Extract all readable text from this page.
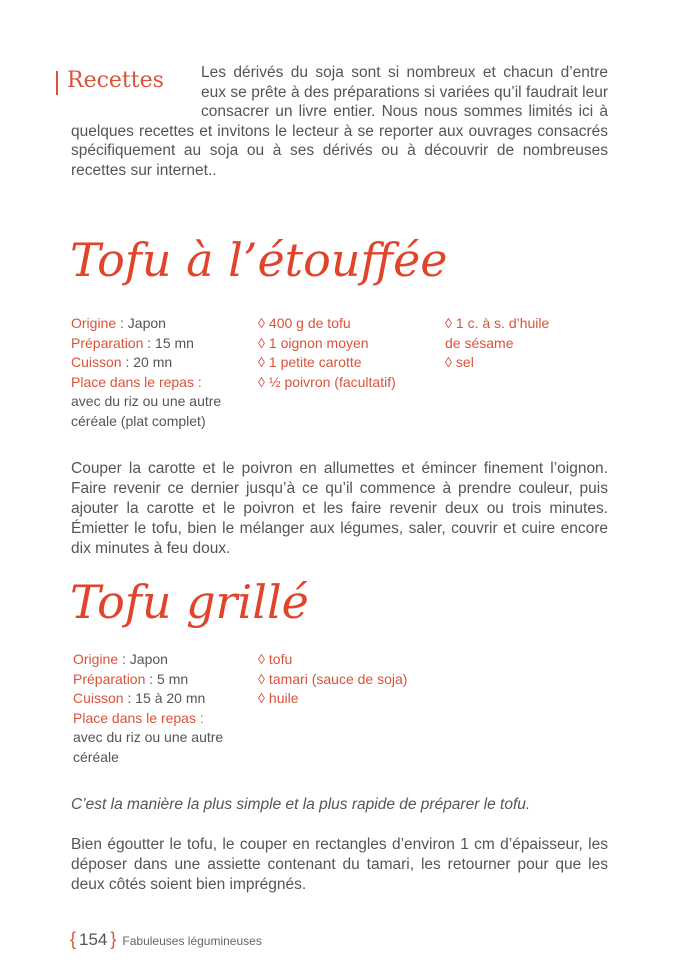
Recettes	Les dérivés du soja sont si nombreux et chacun d’entre eux se prête à des préparations si variées qu’il faudrait leur consacrer un livre entier. Nous nous sommes limités ici à quelques recettes et invitons le lecteur à se reporter aux ouvrages consacrés spécifiquement au soja ou à ses dérivés ou à découvrir de nombreuses recettes sur internet..
Tofu à l’étouffée
Origine : Japon
Préparation : 15 mn
Cuisson : 20 mn
Place dans le repas :
avec du riz ou une autre
céréale (plat complet)
◊ 400 g de tofu
◊ 1 oignon moyen
◊ 1 petite carotte
◊ ½ poivron (facultatif)
◊ 1 c. à s. d’huile
de sésame
◊ sel
Couper la carotte et le poivron en allumettes et émincer finement l’oignon. Faire revenir ce dernier jusqu’à ce qu’il commence à prendre couleur, puis ajouter la carotte et le poivron et les faire revenir deux ou trois minutes. Émietter le tofu, bien le mélanger aux légumes, saler, couvrir et cuire encore dix minutes à feu doux.
Tofu grillé
Origine : Japon
Préparation : 5 mn
Cuisson : 15 à 20 mn
Place dans le repas :
avec du riz ou une autre
céréale
◊ tofu
◊ tamari (sauce de soja)
◊ huile
C’est la manière la plus simple et la plus rapide de préparer le tofu.
Bien égoutter le tofu, le couper en rectangles d’environ 1 cm d’épaisseur, les déposer dans une assiette contenant du tamari, les retourner pour que les deux côtés soient bien imprégnés.
{ 154 } Fabuleuses légumineuses
